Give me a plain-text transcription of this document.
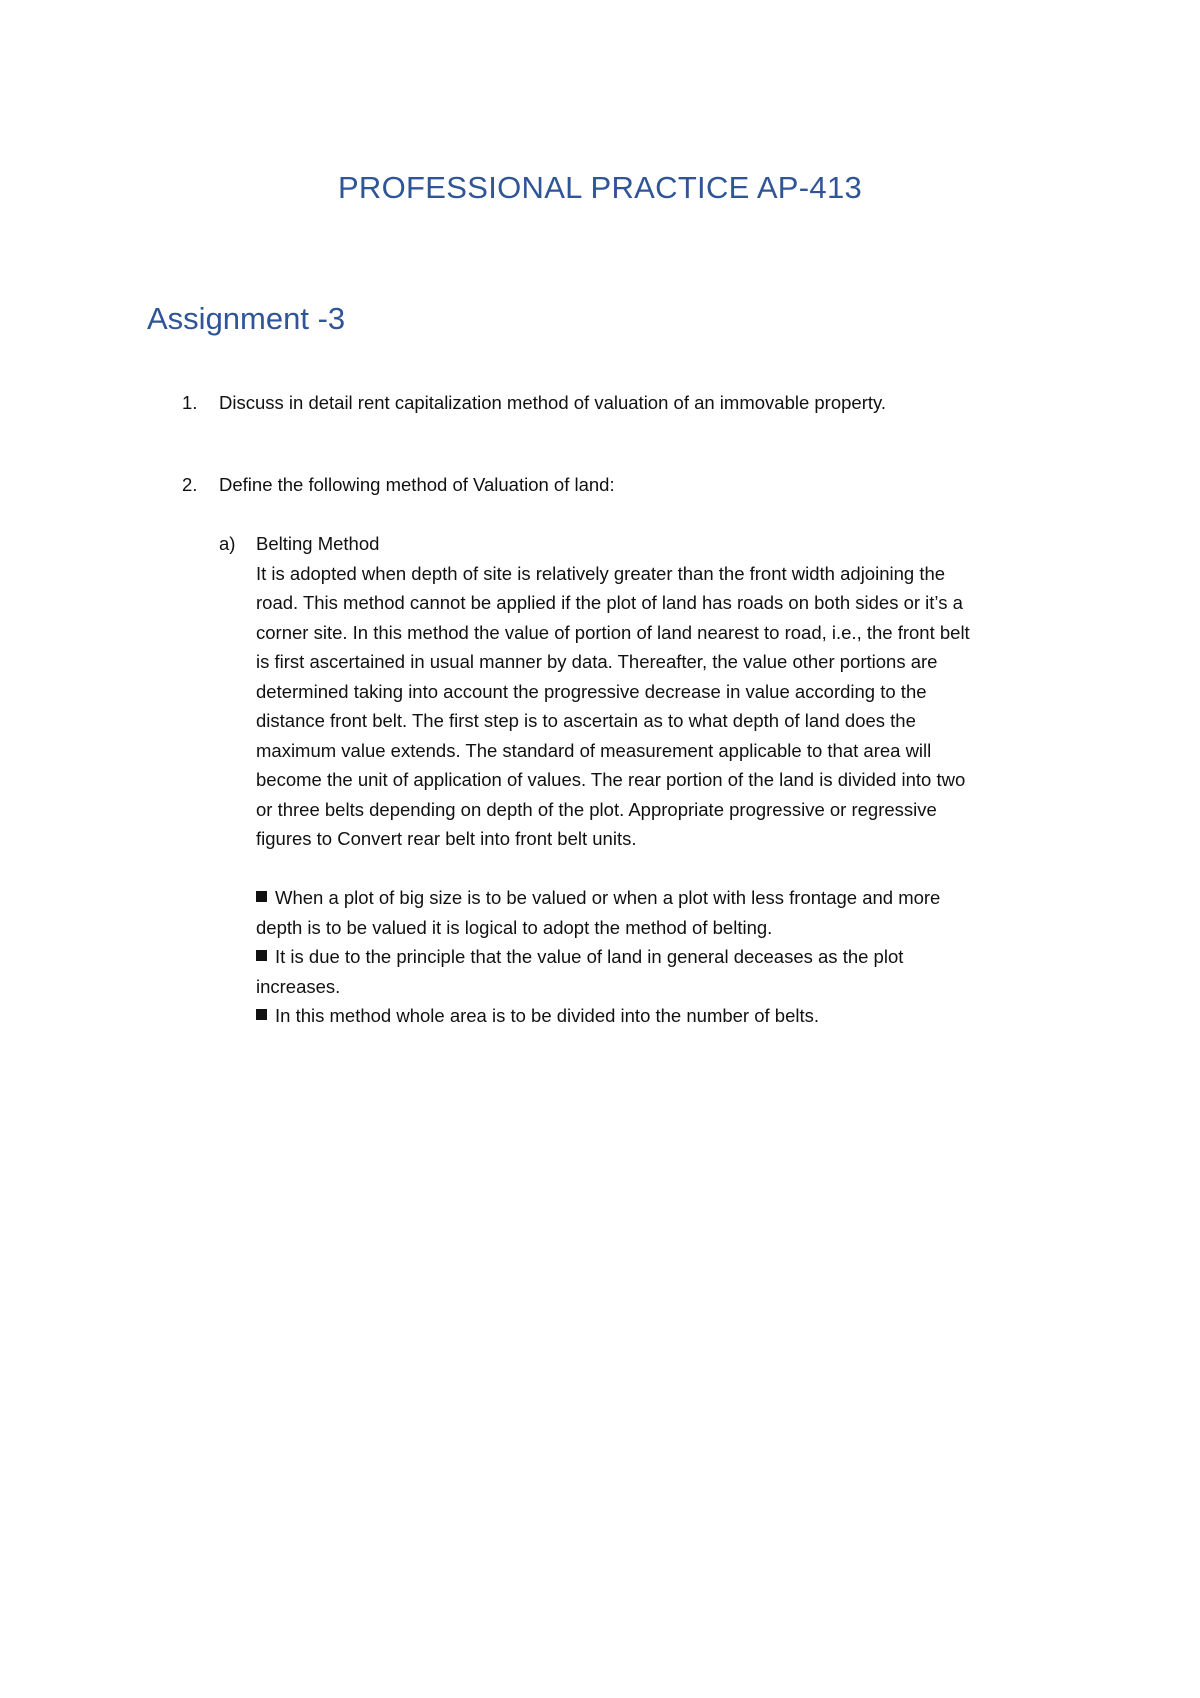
PROFESSIONAL PRACTICE AP-413
Assignment -3
1. Discuss in detail rent capitalization method of valuation of an immovable property.
2. Define the following method of Valuation of land:
a) Belting Method
It is adopted when depth of site is relatively greater than the front width adjoining the
road. This method cannot be applied if the plot of land has roads on both sides or it’s a
corner site. In this method the value of portion of land nearest to road, i.e., the front belt
is first ascertained in usual manner by data. Thereafter, the value other portions are
determined taking into account the progressive decrease in value according to the
distance front belt. The first step is to ascertain as to what depth of land does the
maximum value extends. The standard of measurement applicable to that area will
become the unit of application of values. The rear portion of the land is divided into two
or three belts depending on depth of the plot. Appropriate progressive or regressive
figures to Convert rear belt into front belt units.
When a plot of big size is to be valued or when a plot with less frontage and more
depth is to be valued it is logical to adopt the method of belting.
It is due to the principle that the value of land in general deceases as the plot
increases.
In this method whole area is to be divided into the number of belts.
